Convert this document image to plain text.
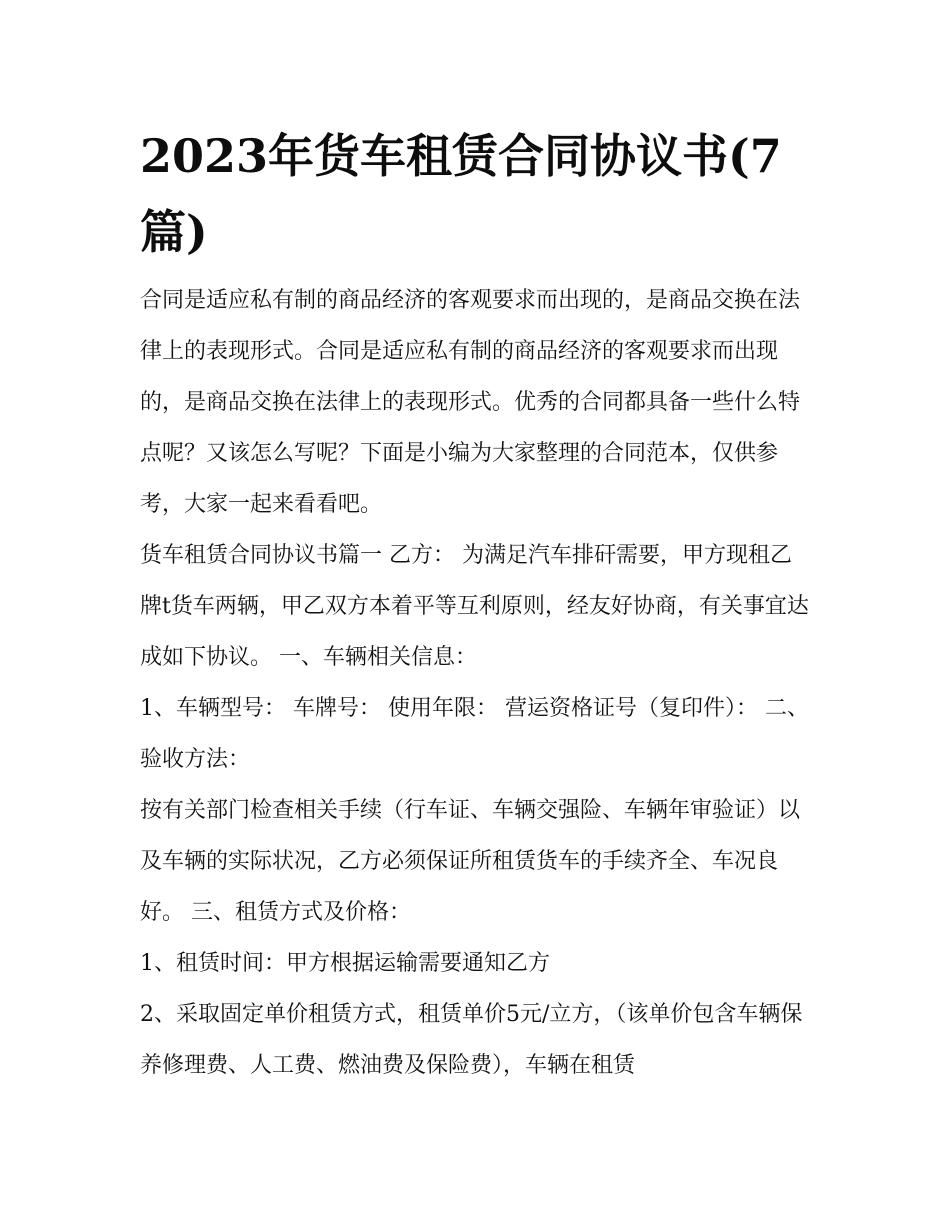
2023年货车租赁合同协议书(7篇)

合同是适应私有制的商品经济的客观要求而出现的，是商品交换在法律上的表现形式。合同是适应私有制的商品经济的客观要求而出现的，是商品交换在法律上的表现形式。优秀的合同都具备一些什么特点呢？又该怎么写呢？下面是小编为大家整理的合同范本，仅供参考，大家一起来看看吧。

货车租赁合同协议书篇一 乙方： 为满足汽车排矸需要，甲方现租乙牌t货车两辆，甲乙双方本着平等互利原则，经友好协商，有关事宜达成如下协议。 一、车辆相关信息：

1、车辆型号： 车牌号： 使用年限： 营运资格证号（复印件）： 二、验收方法：

按有关部门检查相关手续（行车证、车辆交强险、车辆年审验证）以及车辆的实际状况，乙方必须保证所租赁货车的手续齐全、车况良好。 三、租赁方式及价格：

1、租赁时间：甲方根据运输需要通知乙方

2、采取固定单价租赁方式，租赁单价5元/立方，（该单价包含车辆保养修理费、人工费、燃油费及保险费），车辆在租赁
